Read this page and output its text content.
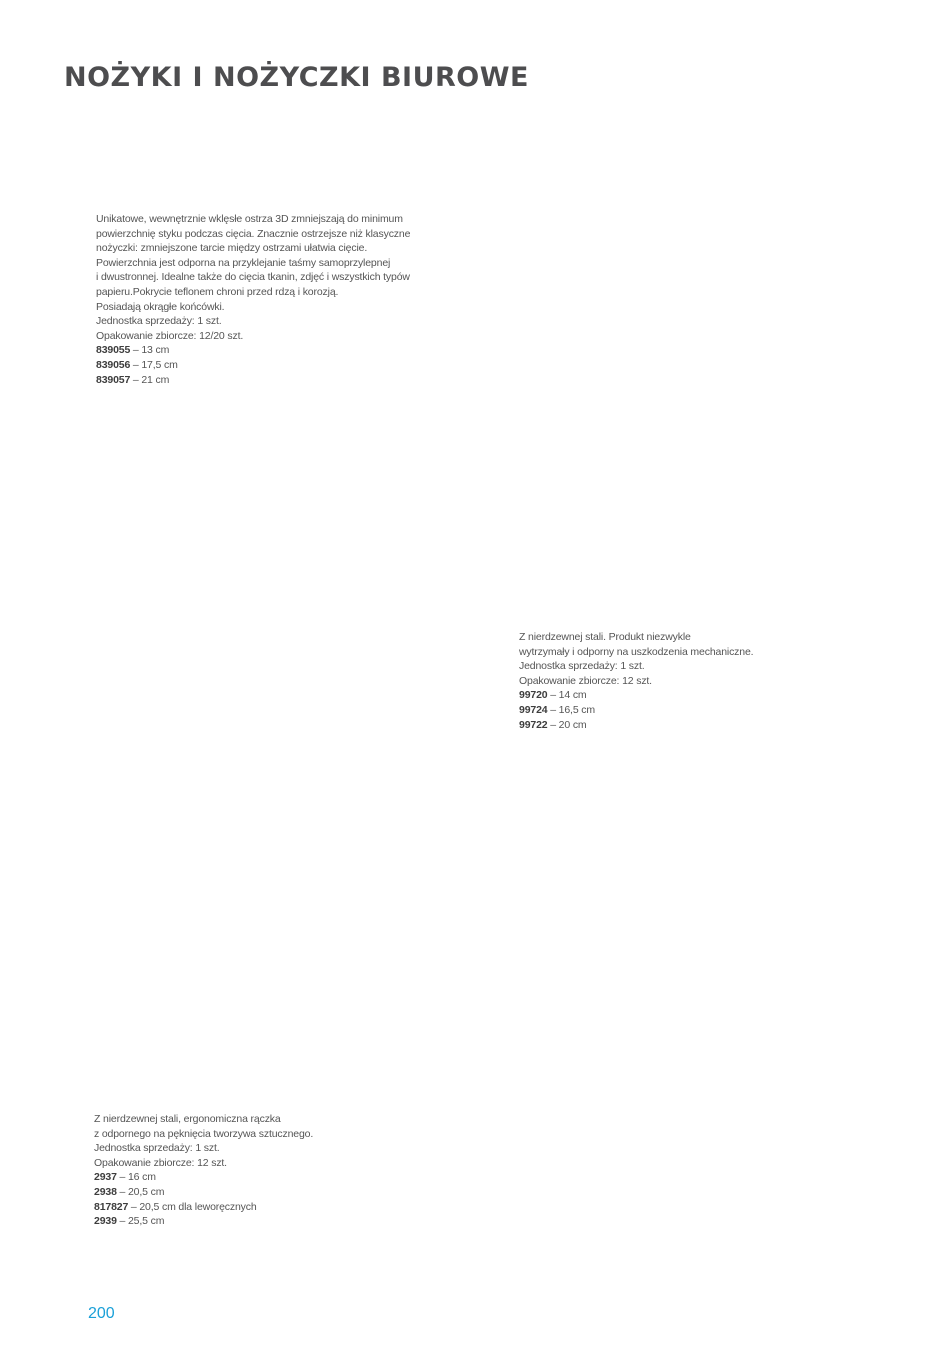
NOŻYKI I NOŻYCZKI BIUROWE
Unikatowe, wewnętrznie wklęsłe ostrza 3D zmniejszają do minimum
powierzchnię styku podczas cięcia. Znacznie ostrzejsze niż klasyczne
nożyczki: zmniejszone tarcie między ostrzami ułatwia cięcie.
Powierzchnia jest odporna na przyklejanie taśmy samoprzylepnej
i dwustronnej. Idealne także do cięcia tkanin, zdjęć i wszystkich typów
papieru.Pokrycie teflonem chroni przed rdzą i korozją.
Posiadają okrągłe końcówki.
Jednostka sprzedaży: 1 szt.
Opakowanie zbiorcze: 12/20 szt.
839055 – 13 cm
839056 – 17,5 cm
839057 – 21 cm
Z nierdzewnej stali. Produkt niezwykle
wytrzymały i odporny na uszkodzenia mechaniczne.
Jednostka sprzedaży: 1 szt.
Opakowanie zbiorcze: 12 szt.
99720 – 14 cm
99724 – 16,5 cm
99722 – 20 cm
Z nierdzewnej stali, ergonomiczna rączka
z odpornego na pęknięcia tworzywa sztucznego.
Jednostka sprzedaży: 1 szt.
Opakowanie zbiorcze: 12 szt.
2937 – 16 cm
2938 – 20,5 cm
817827 – 20,5 cm dla leworęcznych
2939 – 25,5 cm
200
